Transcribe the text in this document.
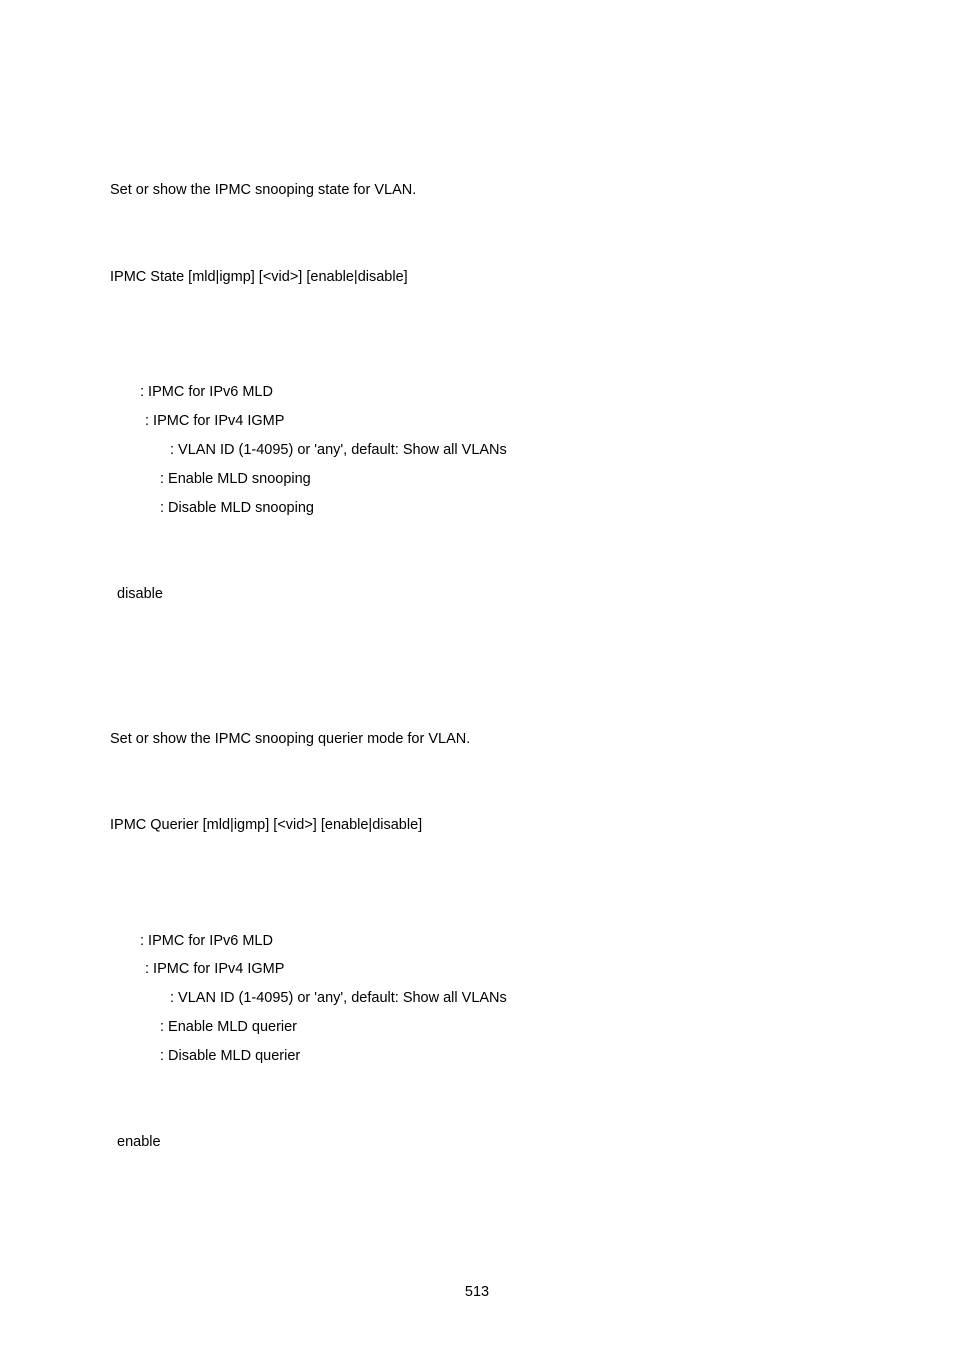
Set or show the IPMC snooping state for VLAN.
IPMC State [mld|igmp] [<vid>] [enable|disable]
: IPMC for IPv6 MLD
: IPMC for IPv4 IGMP
: VLAN ID (1-4095) or 'any', default: Show all VLANs
: Enable MLD snooping
: Disable MLD snooping
disable
Set or show the IPMC snooping querier mode for VLAN.
IPMC Querier [mld|igmp] [<vid>] [enable|disable]
: IPMC for IPv6 MLD
: IPMC for IPv4 IGMP
: VLAN ID (1-4095) or 'any', default: Show all VLANs
: Enable MLD querier
: Disable MLD querier
enable
513
